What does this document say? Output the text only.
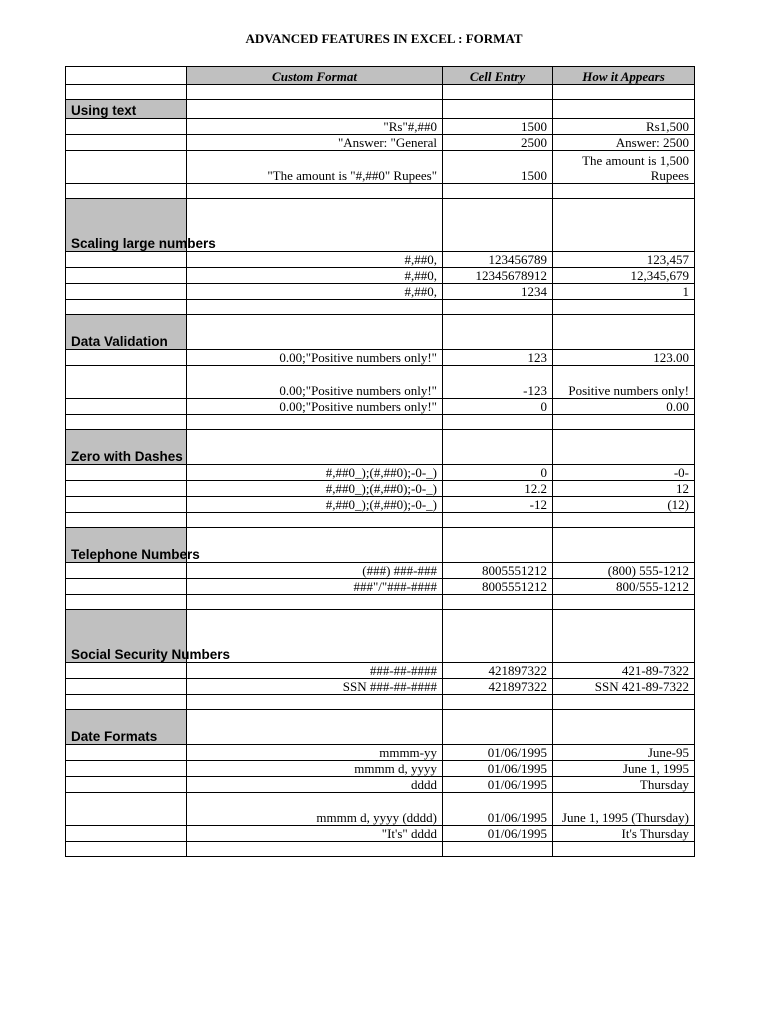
ADVANCED FEATURES IN EXCEL : FORMAT
	Custom Format	Cell Entry	How it Appears

Using text			
	"Rs"#,##0	1500	Rs1,500
	"Answer: "General	2500	Answer: 2500
	"The amount is "#,##0" Rupees"	1500	The amount is 1,500 Rupees

Scaling large numbers			
	#,##0,	123456789	123,457
	#,##0,	12345678912	12,345,679
	#,##0,	1234	1

Data Validation			
	0.00;"Positive numbers only!"	123	123.00
	0.00;"Positive numbers only!"	-123	Positive numbers only!
	0.00;"Positive numbers only!"	0	0.00

Zero with Dashes			
	#,##0_);(#,##0);-0-_)	0	-0-
	#,##0_);(#,##0);-0-_)	12.2	12
	#,##0_);(#,##0);-0-_)	-12	(12)

Telephone Numbers			
	(###) ###-###	8005551212	(800) 555-1212
	###"/"###-####	8005551212	800/555-1212

Social Security Numbers			
	###-##-####	421897322	421-89-7322
	SSN ###-##-####	421897322	SSN 421-89-7322

Date Formats			
	mmmm-yy	01/06/1995	June-95
	mmmm d, yyyy	01/06/1995	June 1, 1995
	dddd	01/06/1995	Thursday
	mmmm d, yyyy (dddd)	01/06/1995	June 1, 1995 (Thursday)
	"It's" dddd	01/06/1995	It's Thursday
